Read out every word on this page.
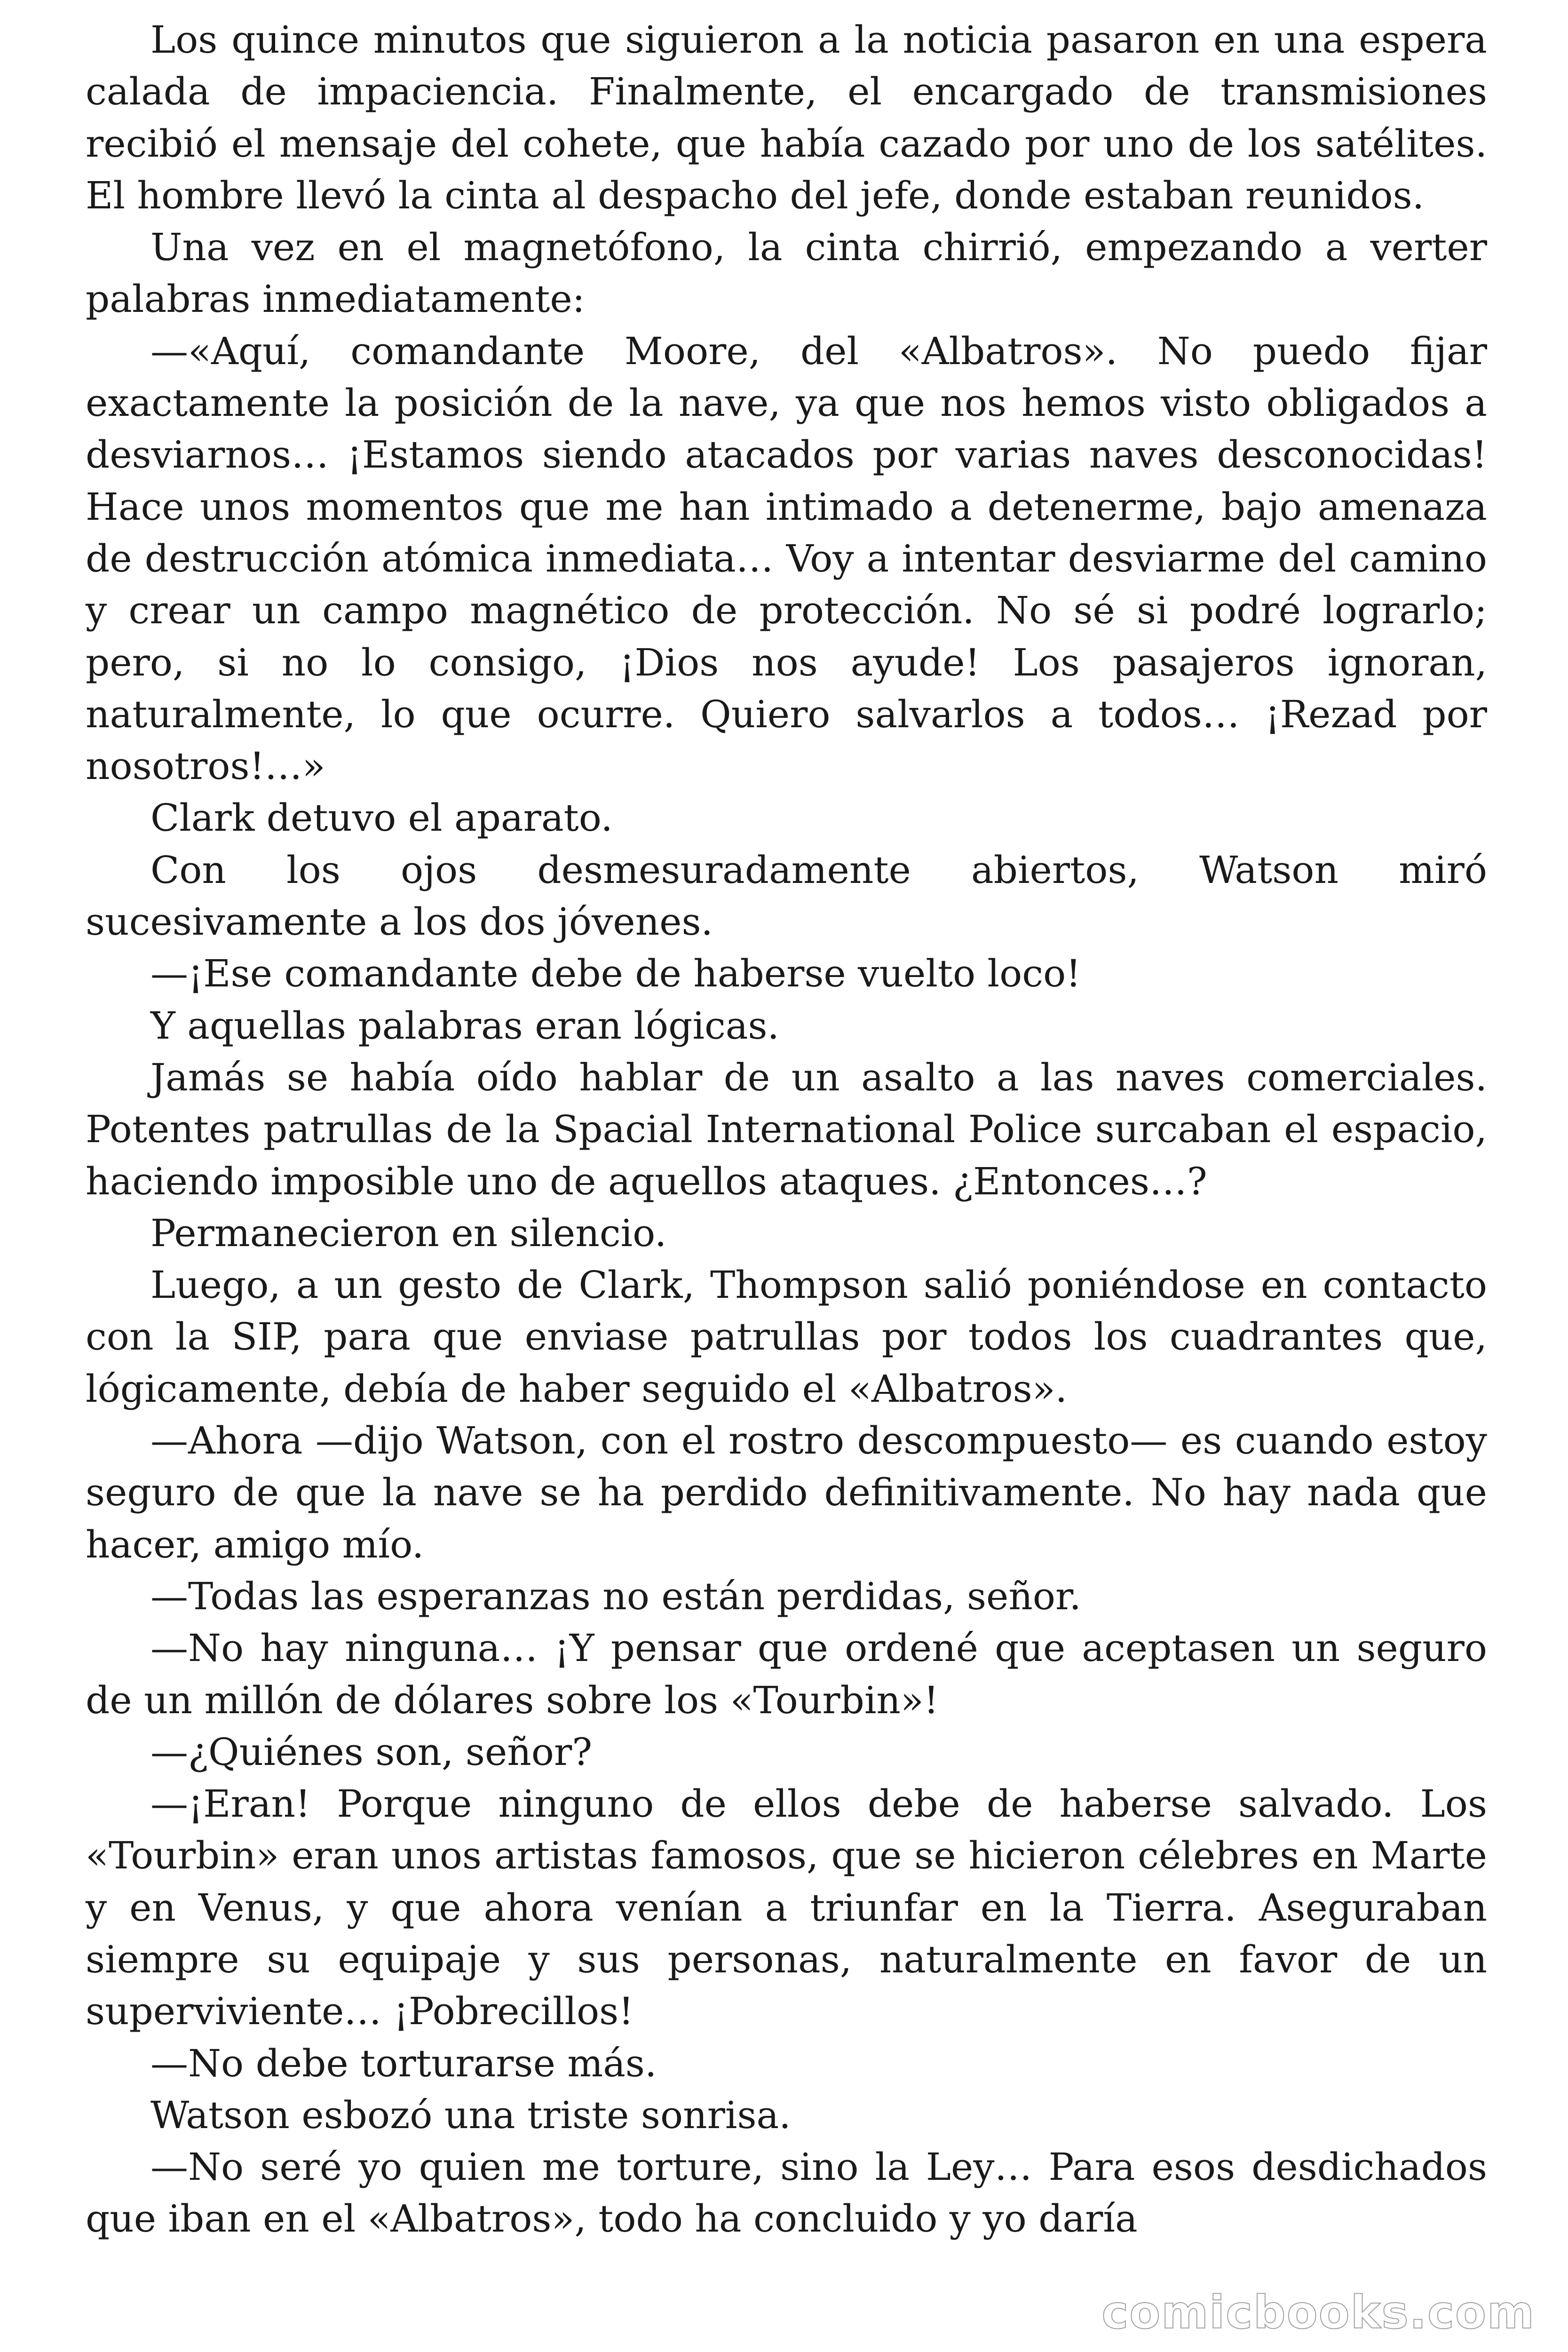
Los quince minutos que siguieron a la noticia pasaron en una espera calada de impaciencia. Finalmente, el encargado de transmisiones recibió el mensaje del cohete, que había cazado por uno de los satélites. El hombre llevó la cinta al despacho del jefe, donde estaban reunidos.

Una vez en el magnetófono, la cinta chirrió, empezando a verter palabras inmediatamente:

—«Aquí, comandante Moore, del «Albatros». No puedo fijar exactamente la posición de la nave, ya que nos hemos visto obligados a desviarnos… ¡Estamos siendo atacados por varias naves desconocidas! Hace unos momentos que me han intimado a detenerme, bajo amenaza de destrucción atómica inmediata… Voy a intentar desviarme del camino y crear un campo magnético de protección. No sé si podré lograrlo; pero, si no lo consigo, ¡Dios nos ayude! Los pasajeros ignoran, naturalmente, lo que ocurre. Quiero salvarlos a todos… ¡Rezad por nosotros!…»

Clark detuvo el aparato.

Con los ojos desmesuradamente abiertos, Watson miró sucesivamente a los dos jóvenes.

—¡Ese comandante debe de haberse vuelto loco!

Y aquellas palabras eran lógicas.

Jamás se había oído hablar de un asalto a las naves comerciales. Potentes patrullas de la Spacial International Police surcaban el espacio, haciendo imposible uno de aquellos ataques. ¿Entonces…?

Permanecieron en silencio.

Luego, a un gesto de Clark, Thompson salió poniéndose en contacto con la SIP, para que enviase patrullas por todos los cuadrantes que, lógicamente, debía de haber seguido el «Albatros».

—Ahora —dijo Watson, con el rostro descompuesto— es cuando estoy seguro de que la nave se ha perdido definitivamente. No hay nada que hacer, amigo mío.

—Todas las esperanzas no están perdidas, señor.

—No hay ninguna… ¡Y pensar que ordené que aceptasen un seguro de un millón de dólares sobre los «Tourbin»!

—¿Quiénes son, señor?

—¡Eran! Porque ninguno de ellos debe de haberse salvado. Los «Tourbin» eran unos artistas famosos, que se hicieron célebres en Marte y en Venus, y que ahora venían a triunfar en la Tierra. Aseguraban siempre su equipaje y sus personas, naturalmente en favor de un superviviente… ¡Pobrecillos!

—No debe torturarse más.

Watson esbozó una triste sonrisa.

—No seré yo quien me torture, sino la Ley… Para esos desdichados que iban en el «Albatros», todo ha concluido y yo daría

comicbooks.com
